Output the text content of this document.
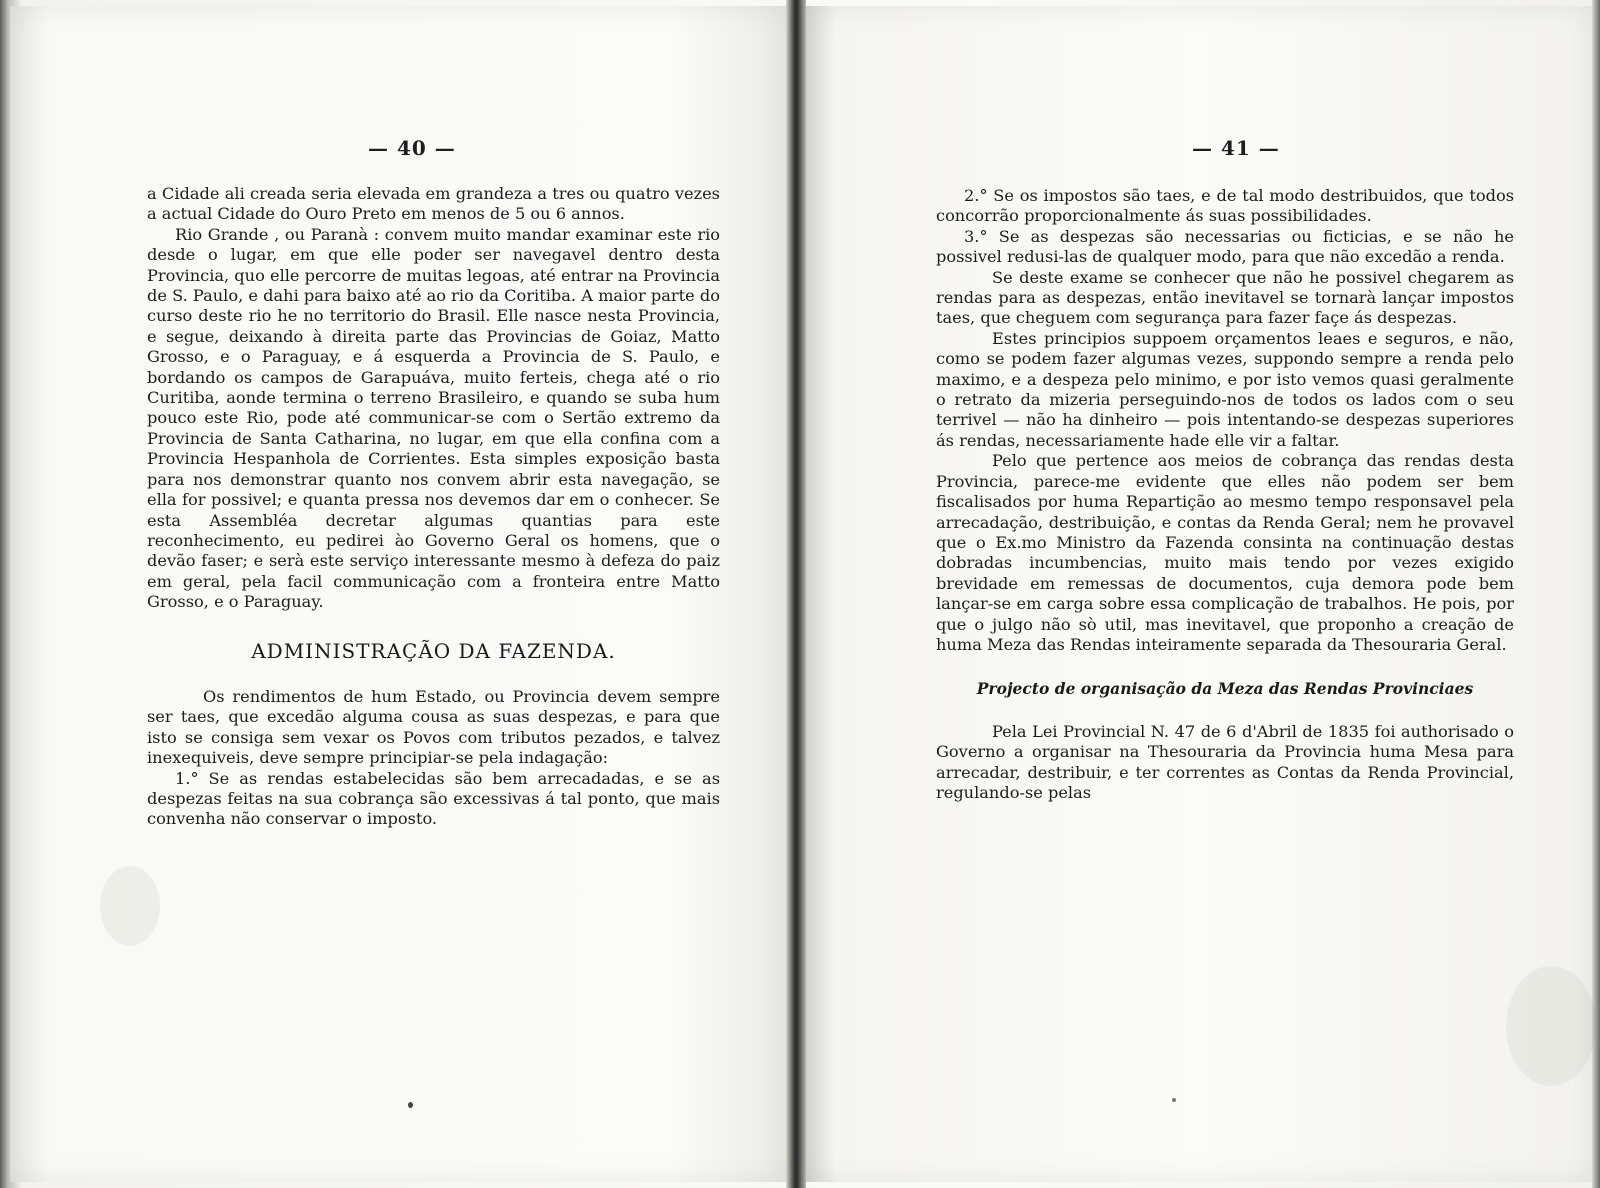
— 40 —

a Cidade ali creada seria elevada em grandeza a tres ou quatro vezes a actual Cidade do Ouro Preto em menos de 5 ou 6 annos.

Rio Grande , ou Paranà : convem muito mandar examinar este rio desde o lugar, em que elle poder ser navegavel dentro desta Provincia, quo elle percorre de muitas legoas, até entrar na Provincia de S. Paulo, e dahi para baixo até ao rio da Coritiba. A maior parte do curso deste rio he no territorio do Brasil. Elle nasce nesta Provincia, e segue, deixando à direita parte das Provincias de Goiaz, Matto Grosso, e o Paraguay, e á esquerda a Provincia de S. Paulo, e bordando os campos de Garapuáva, muito ferteis, chega até o rio Curitiba, aonde termina o terreno Brasileiro, e quando se suba hum pouco este Rio, pode até communicar-se com o Sertão extremo da Provincia de Santa Catharina, no lugar, em que ella confina com a Provincia Hespanhola de Corrientes. Esta simples exposição basta para nos demonstrar quanto nos convem abrir esta navegação, se ella for possivel; e quanta pressa nos devemos dar em o conhecer. Se esta Assembléa decretar algumas quantias para este reconhecimento, eu pedirei ào Governo Geral os homens, que o devão faser; e serà este serviço interessante mesmo à defeza do paiz em geral, pela facil communicação com a fronteira entre Matto Grosso, e o Paraguay.

ADMINISTRAÇÃO DA FAZENDA.

Os rendimentos de hum Estado, ou Provincia devem sempre ser taes, que excedão alguma cousa as suas despezas, e para que isto se consiga sem vexar os Povos com tributos pezados, e talvez inexequiveis, deve sempre principiar-se pela indagação:

1.° Se as rendas estabelecidas são bem arrecadadas, e se as despezas feitas na sua cobrança são excessivas á tal ponto, que mais convenha não conservar o imposto.

— 41 —

2.° Se os impostos são taes, e de tal modo destribuidos, que todos concorrão proporcionalmente ás suas possibilidades.

3.° Se as despezas são necessarias ou ficticias, e se não he possivel redusi-las de qualquer modo, para que não excedão a renda.

Se deste exame se conhecer que não he possivel chegarem as rendas para as despezas, então inevitavel se tornarà lançar impostos taes, que cheguem com segurança para fazer façe ás despezas.

Estes principios suppoem orçamentos leaes e seguros, e não, como se podem fazer algumas vezes, suppondo sempre a renda pelo maximo, e a despeza pelo minimo, e por isto vemos quasi geralmente o retrato da mizeria perseguindo-nos de todos os lados com o seu terrivel — não ha dinheiro — pois intentando-se despezas superiores ás rendas, necessariamente hade elle vir a faltar.

Pelo que pertence aos meios de cobrança das rendas desta Provincia, parece-me evidente que elles não podem ser bem fiscalisados por huma Repartição ao mesmo tempo responsavel pela arrecadação, destribuição, e contas da Renda Geral; nem he provavel que o Ex.mo Ministro da Fazenda consinta na continuação destas dobradas incumbencias, muito mais tendo por vezes exigido brevidade em remessas de documentos, cuja demora pode bem lançar-se em carga sobre essa complicação de trabalhos. He pois, por que o julgo não sò util, mas inevitavel, que proponho a creação de huma Meza das Rendas inteiramente separada da Thesouraria Geral.

Projecto de organisação da Meza das Rendas Provinciaes

Pela Lei Provincial N. 47 de 6 d'Abril de 1835 foi authorisado o Governo a organisar na Thesouraria da Provincia huma Mesa para arrecadar, destribuir, e ter correntes as Contas da Renda Provincial, regulando-se pelas
